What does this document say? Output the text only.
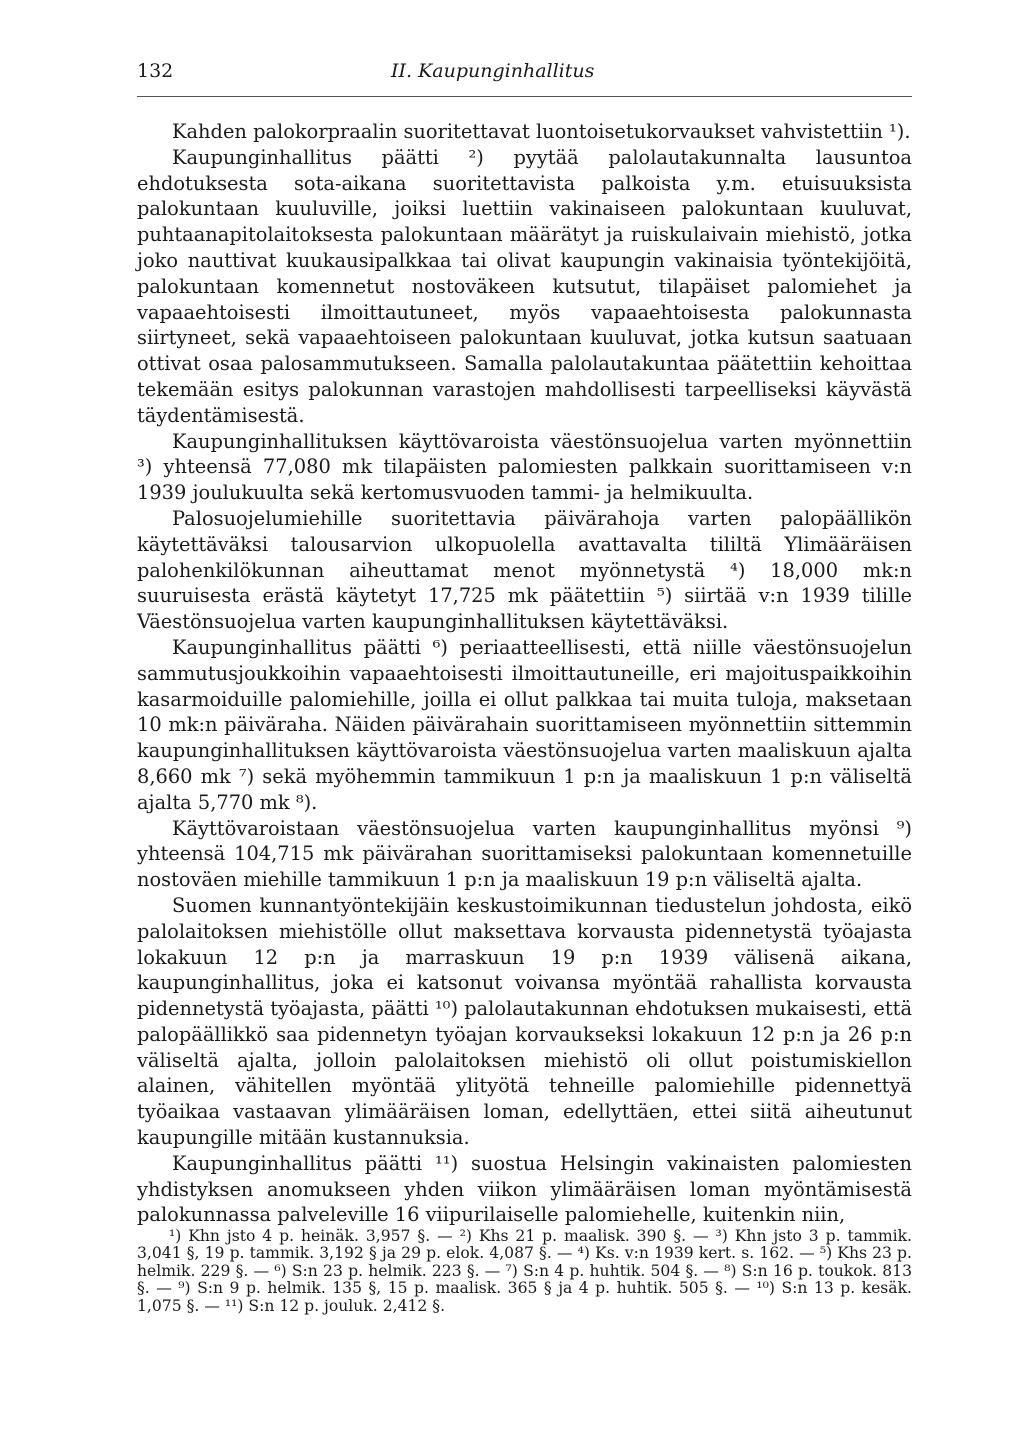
132	II. Kaupunginhallitus

Kahden palokorpraalin suoritettavat luontoisetukorvaukset vahvistettiin ¹).

Kaupunginhallitus päätti ²) pyytää palolautakunnalta lausuntoa ehdotuksesta sota-aikana suoritettavista palkoista y.m. etuisuuksista palokuntaan kuuluville, joiksi luettiin vakinaiseen palokuntaan kuuluvat, puhtaanapitolaitoksesta palokuntaan määrätyt ja ruiskulaivain miehistö, jotka joko nauttivat kuukausipalkkaa tai olivat kaupungin vakinaisia työntekijöitä, palokuntaan komennetut nostoväkeen kutsutut, tilapäiset palomiehet ja vapaaehtoisesti ilmoittautuneet, myös vapaaehtoisesta palokunnasta siirtyneet, sekä vapaaehtoiseen palokuntaan kuuluvat, jotka kutsun saatuaan ottivat osaa palosammutukseen. Samalla palolautakuntaa päätettiin kehoittaa tekemään esitys palokunnan varastojen mahdollisesti tarpeelliseksi käyvästä täydentämisestä.

Kaupunginhallituksen käyttövaroista väestönsuojelua varten myönnettiin ³) yhteensä 77,080 mk tilapäisten palomiesten palkkain suorittamiseen v:n 1939 joulukuulta sekä kertomusvuoden tammi- ja helmikuulta.

Palosuojelumiehille suoritettavia päivärahoja varten palopäällikön käytettäväksi talousarvion ulkopuolella avattavalta tililtä Ylimääräisen palohenkilökunnan aiheuttamat menot myönnetystä ⁴) 18,000 mk:n suuruisesta erästä käytetyt 17,725 mk päätettiin ⁵) siirtää v:n 1939 tilille Väestönsuojelua varten kaupunginhallituksen käytettäväksi.

Kaupunginhallitus päätti ⁶) periaatteellisesti, että niille väestönsuojelun sammutusjoukkoihin vapaaehtoisesti ilmoittautuneille, eri majoituspaikkoihin kasarmoiduille palomiehille, joilla ei ollut palkkaa tai muita tuloja, maksetaan 10 mk:n päiväraha. Näiden päivärahain suorittamiseen myönnettiin sittemmin kaupunginhallituksen käyttövaroista väestönsuojelua varten maaliskuun ajalta 8,660 mk ⁷) sekä myöhemmin tammikuun 1 p:n ja maaliskuun 1 p:n väliseltä ajalta 5,770 mk ⁸).

Käyttövaroistaan väestönsuojelua varten kaupunginhallitus myönsi ⁹) yhteensä 104,715 mk päivärahan suorittamiseksi palokuntaan komennetuille nostoväen miehille tammikuun 1 p:n ja maaliskuun 19 p:n väliseltä ajalta.

Suomen kunnantyöntekijäin keskustoimikunnan tiedustelun johdosta, eikö palolaitoksen miehistölle ollut maksettava korvausta pidennetystä työajasta lokakuun 12 p:n ja marraskuun 19 p:n 1939 välisenä aikana, kaupunginhallitus, joka ei katsonut voivansa myöntää rahallista korvausta pidennetystä työajasta, päätti ¹⁰) palolautakunnan ehdotuksen mukaisesti, että palopäällikkö saa pidennetyn työajan korvaukseksi lokakuun 12 p:n ja 26 p:n väliseltä ajalta, jolloin palolaitoksen miehistö oli ollut poistumiskiellon alainen, vähitellen myöntää ylityötä tehneille palomiehille pidennettyä työaikaa vastaavan ylimääräisen loman, edellyttäen, ettei siitä aiheutunut kaupungille mitään kustannuksia.

Kaupunginhallitus päätti ¹¹) suostua Helsingin vakinaisten palomiesten yhdistyksen anomukseen yhden viikon ylimääräisen loman myöntämisestä palokunnassa palveleville 16 viipurilaiselle palomiehelle, kuitenkin niin,

¹) Khn jsto 4 p. heinäk. 3,957 §. — ²) Khs 21 p. maalisk. 390 §. — ³) Khn jsto 3 p. tammik. 3,041 §, 19 p. tammik. 3,192 § ja 29 p. elok. 4,087 §. — ⁴) Ks. v:n 1939 kert. s. 162. — ⁵) Khs 23 p. helmik. 229 §. — ⁶) S:n 23 p. helmik. 223 §. — ⁷) S:n 4 p. huhtik. 504 §. — ⁸) S:n 16 p. toukok. 813 §. — ⁹) S:n 9 p. helmik. 135 §, 15 p. maalisk. 365 § ja 4 p. huhtik. 505 §. — ¹⁰) S:n 13 p. kesäk. 1,075 §. — ¹¹) S:n 12 p. jouluk. 2,412 §.
